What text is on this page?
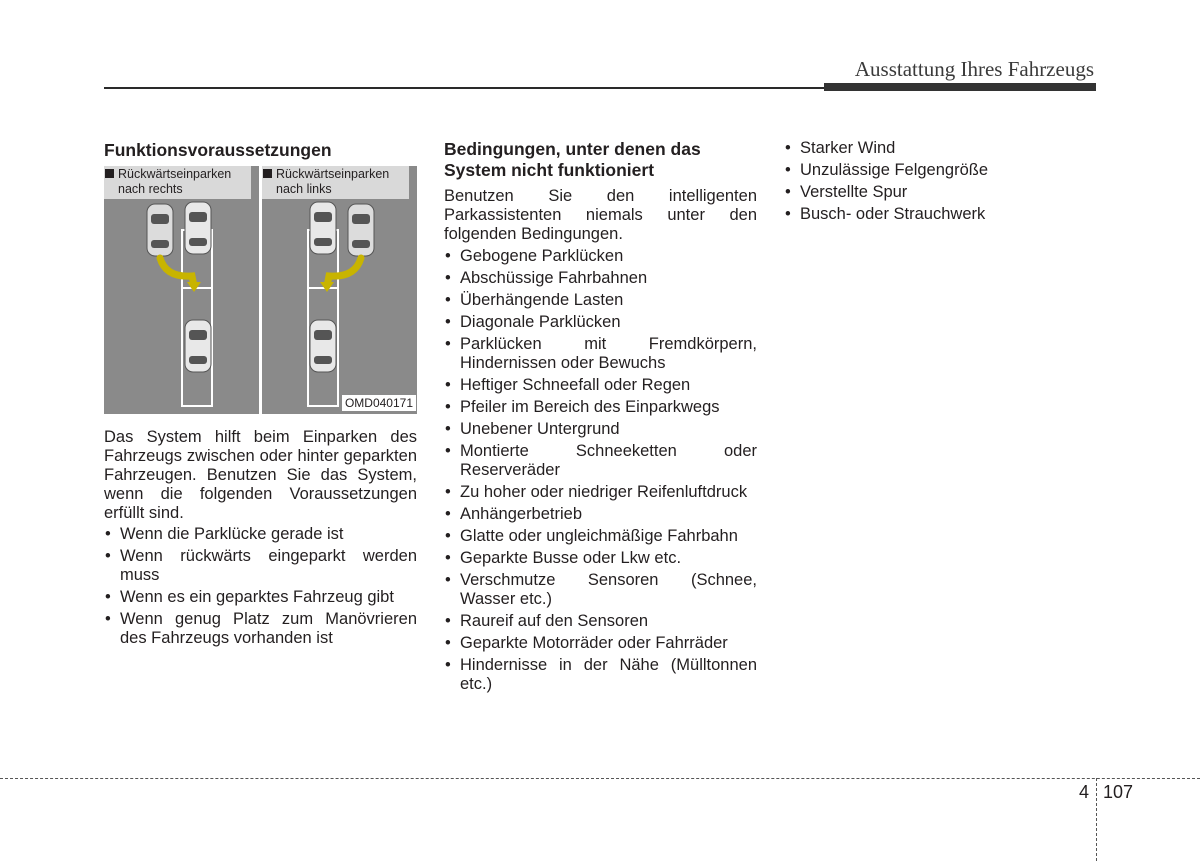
Ausstattung Ihres Fahrzeugs
Funktionsvoraussetzungen
Rückwärtseinparken
nach rechts
Rückwärtseinparken
nach links
OMD040171

Das System hilft beim Einparken des Fahrzeugs zwischen oder hinter geparkten Fahrzeugen. Benutzen Sie das System, wenn die folgenden Voraussetzungen erfüllt sind.

• Wenn die Parklücke gerade ist
• Wenn rückwärts eingeparkt werden muss
• Wenn es ein geparktes Fahrzeug gibt
• Wenn genug Platz zum Manövrieren des Fahrzeugs vorhanden ist
Bedingungen, unter denen das
System nicht funktioniert

Benutzen Sie den intelligenten Parkassistenten niemals unter den folgenden Bedingungen.

• Gebogene Parklücken
• Abschüssige Fahrbahnen
• Überhängende Lasten
• Diagonale Parklücken
• Parklücken mit Fremdkörpern, Hindernissen oder Bewuchs
• Heftiger Schneefall oder Regen
• Pfeiler im Bereich des Einparkwegs
• Unebener Untergrund
• Montierte Schneeketten oder Reserveräder
• Zu hoher oder niedriger Reifenluftdruck
• Anhängerbetrieb
• Glatte oder ungleichmäßige Fahrbahn
• Geparkte Busse oder Lkw etc.
• Verschmutze Sensoren (Schnee, Wasser etc.)
• Raureif auf den Sensoren
• Geparkte Motorräder oder Fahrräder
• Hindernisse in der Nähe (Mülltonnen etc.)
• Starker Wind
• Unzulässige Felgengröße
• Verstellte Spur
• Busch- oder Strauchwerk
4 107
